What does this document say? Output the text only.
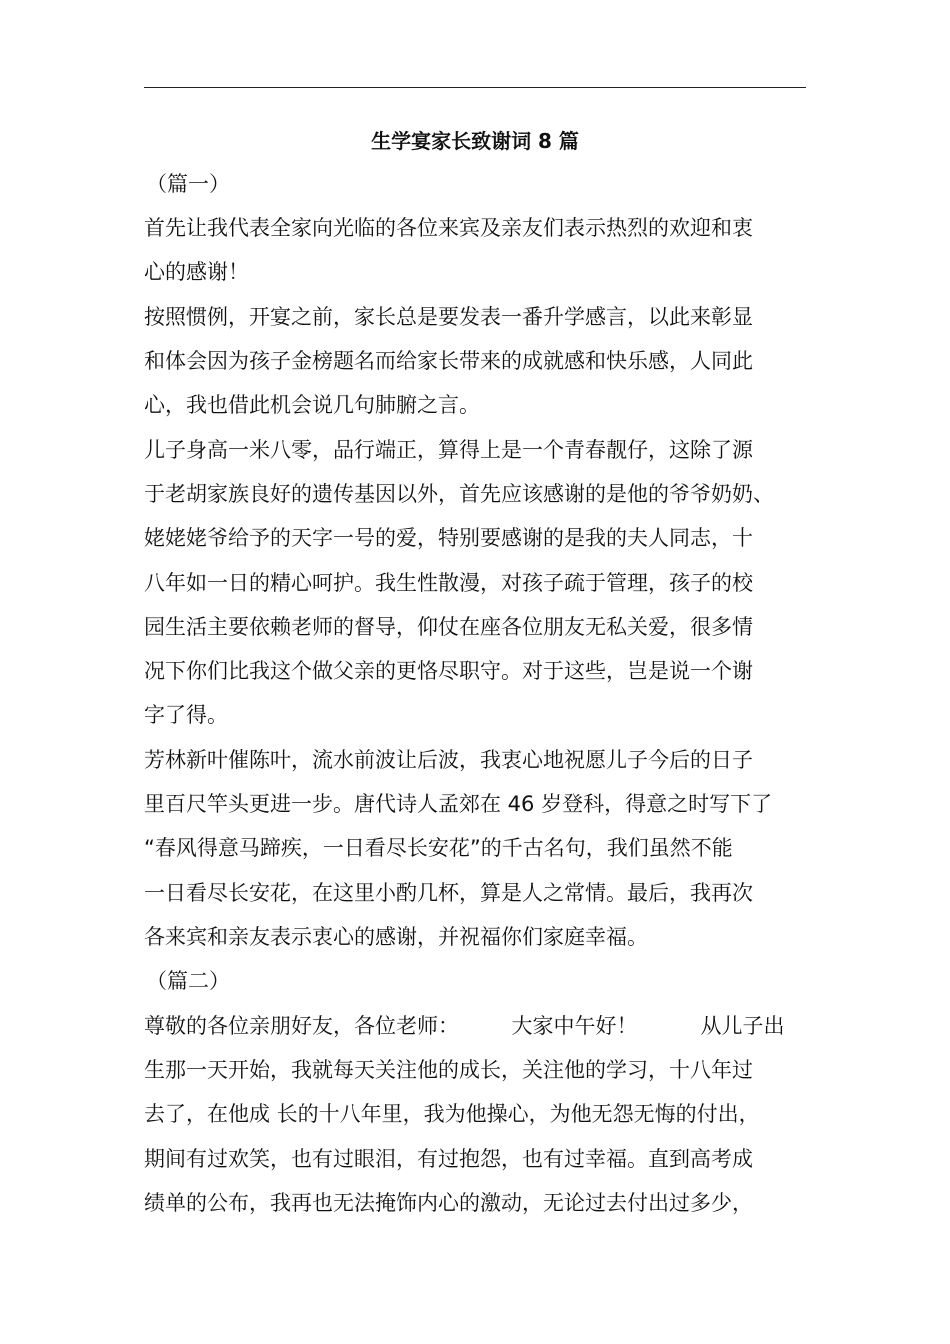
生学宴家长致谢词 8 篇
（篇一）
首先让我代表全家向光临的各位来宾及亲友们表示热烈的欢迎和衷
心的感谢！
按照惯例，开宴之前，家长总是要发表一番升学感言，以此来彰显
和体会因为孩子金榜题名而给家长带来的成就感和快乐感，人同此
心，我也借此机会说几句肺腑之言。
儿子身高一米八零，品行端正，算得上是一个青春靓仔，这除了源
于老胡家族良好的遗传基因以外，首先应该感谢的是他的爷爷奶奶、
姥姥姥爷给予的天字一号的爱，特别要感谢的是我的夫人同志，十
八年如一日的精心呵护。我生性散漫，对孩子疏于管理，孩子的校
园生活主要依赖老师的督导，仰仗在座各位朋友无私关爱，很多情
况下你们比我这个做父亲的更恪尽职守。对于这些，岂是说一个谢
字了得。
芳林新叶催陈叶，流水前波让后波，我衷心地祝愿儿子今后的日子
里百尺竿头更进一步。唐代诗人孟郊在 46 岁登科，得意之时写下了
“春风得意马蹄疾，一日看尽长安花”的千古名句，我们虽然不能
一日看尽长安花，在这里小酌几杯，算是人之常情。最后，我再次
各来宾和亲友表示衷心的感谢，并祝福你们家庭幸福。
（篇二）
尊敬的各位亲朋好友，各位老师：　　　大家中午好！　　　从儿子出
生那一天开始，我就每天关注他的成长，关注他的学习，十八年过
去了，在他成 长的十八年里，我为他操心，为他无怨无悔的付出，
期间有过欢笑，也有过眼泪，有过抱怨，也有过幸福。直到高考成
绩单的公布，我再也无法掩饰内心的激动，无论过去付出过多少，
